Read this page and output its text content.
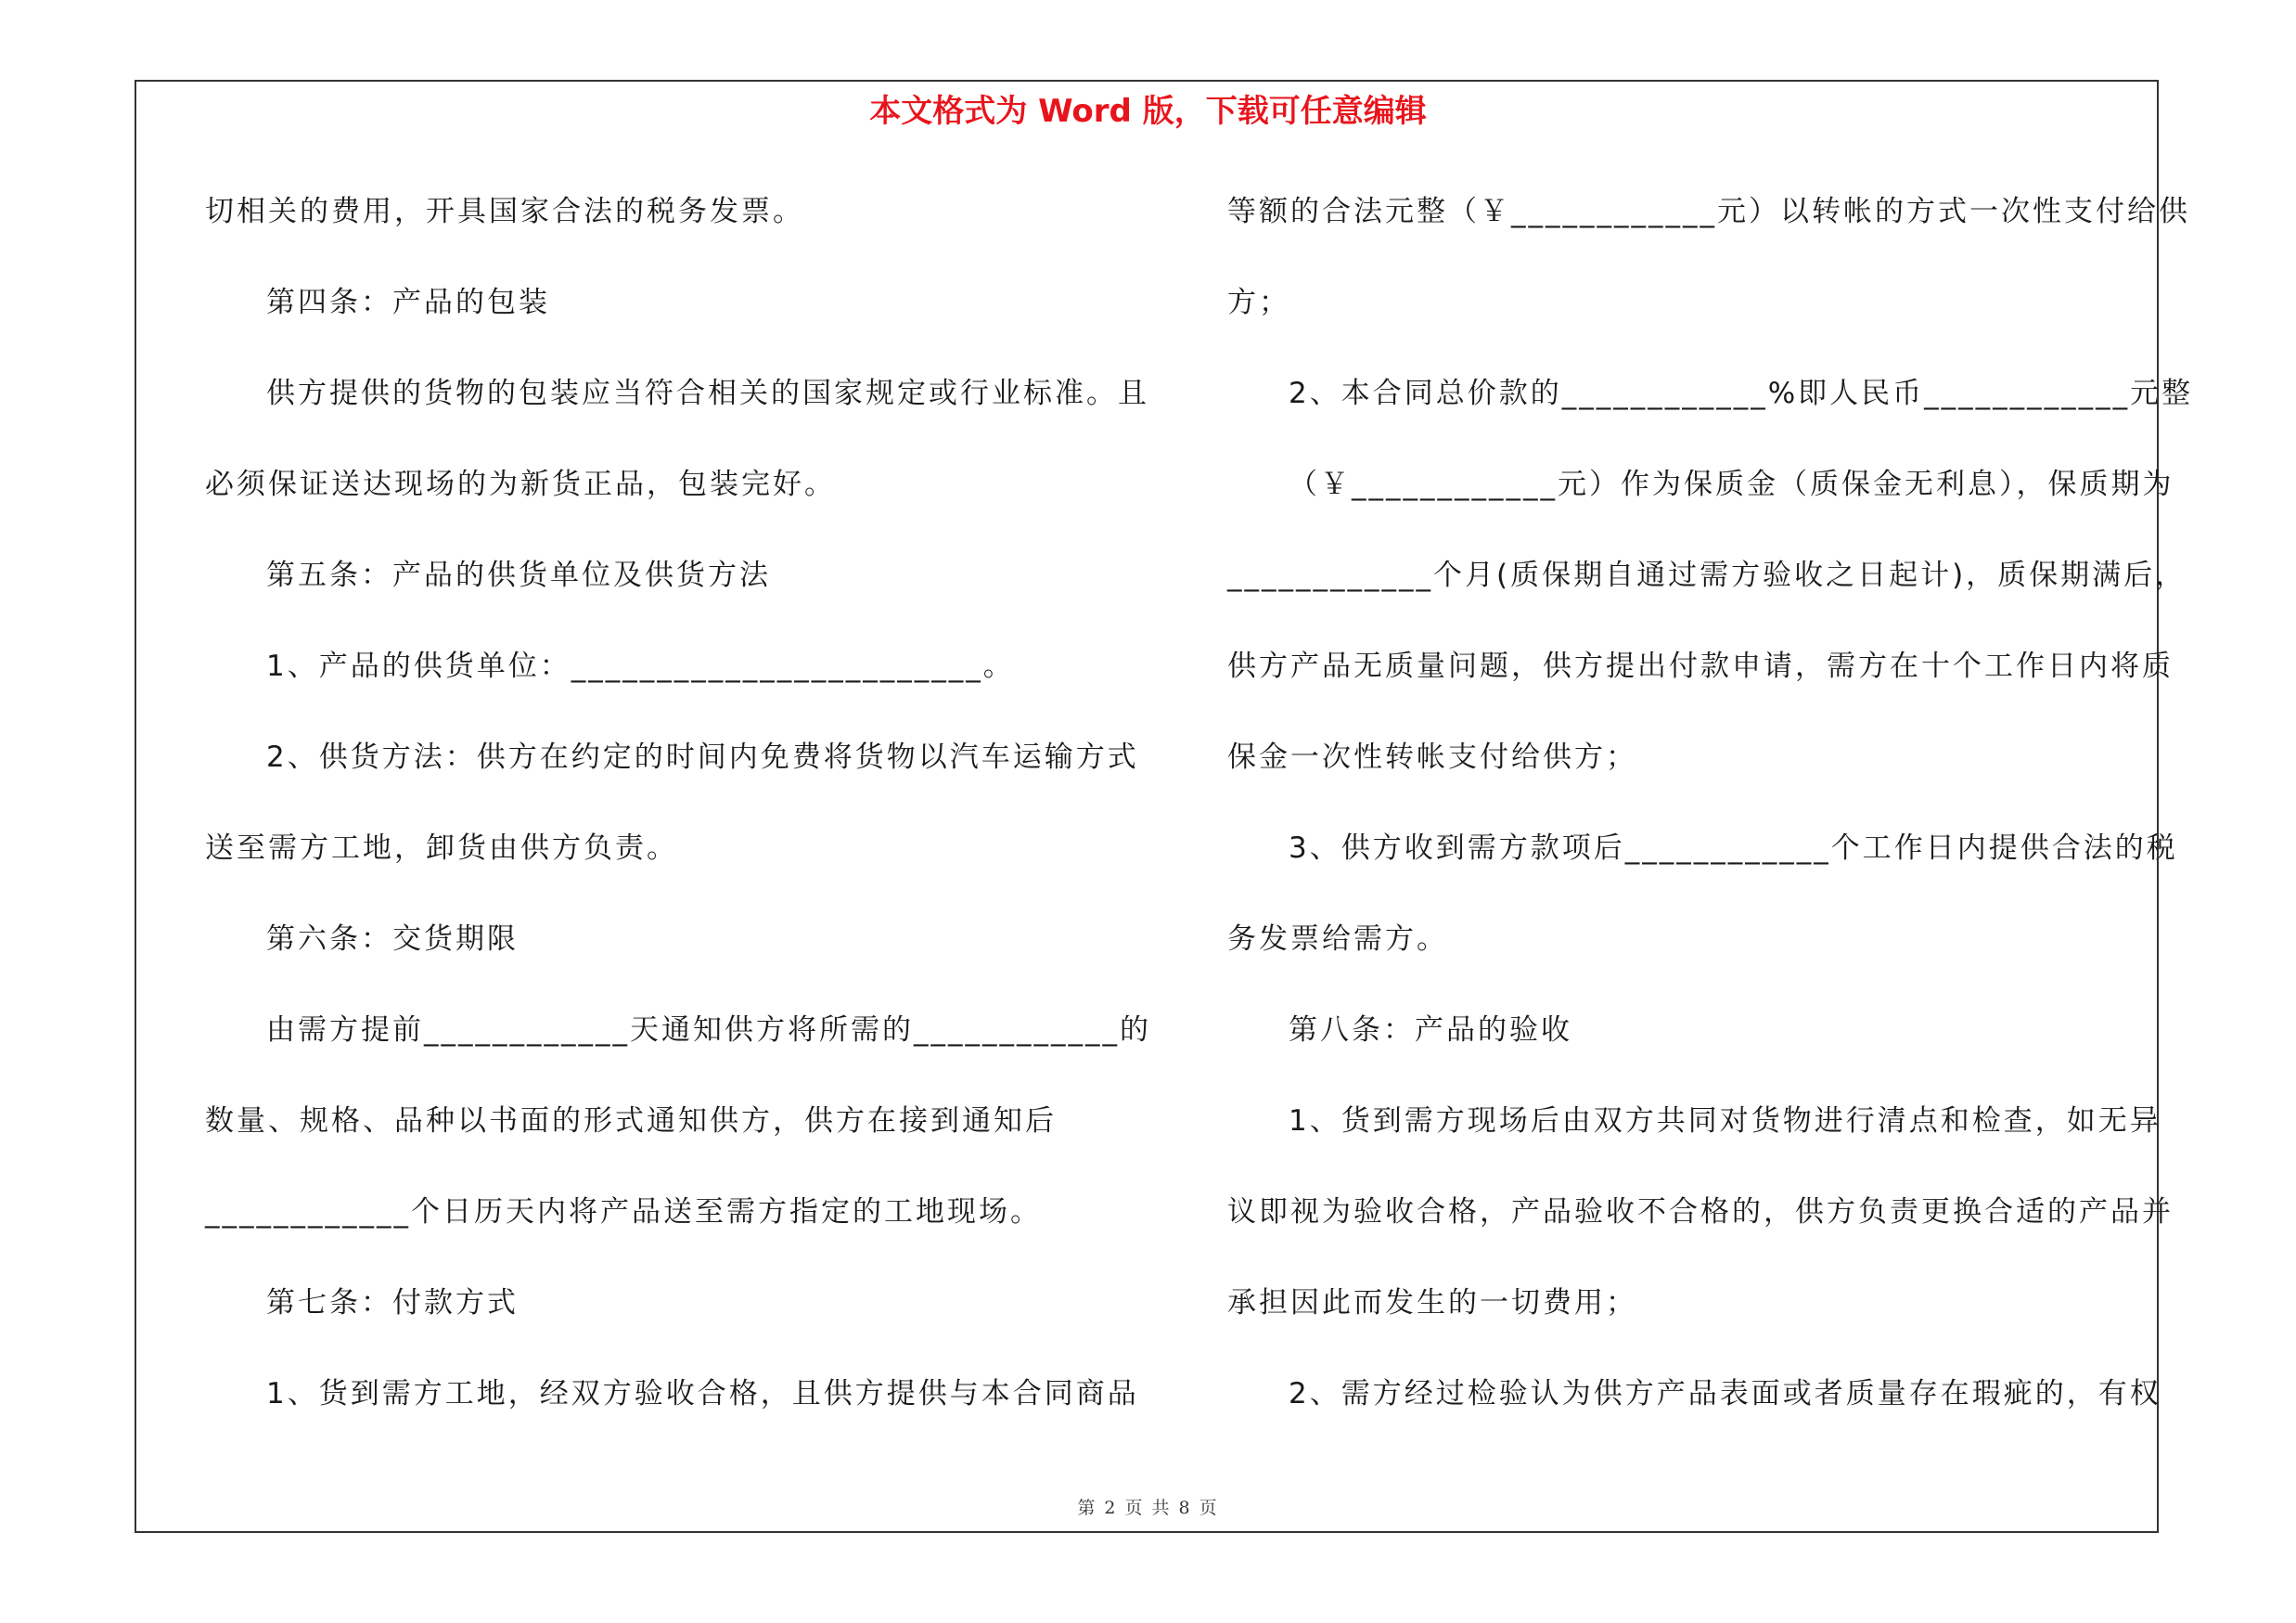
本文格式为 Word 版，下载可任意编辑
切相关的费用，开具国家合法的税务发票。
第四条：产品的包装
供方提供的货物的包装应当符合相关的国家规定或行业标准。且
必须保证送达现场的为新货正品，包装完好。
第五条：产品的供货单位及供货方法
1、产品的供货单位：________________________。
2、供货方法：供方在约定的时间内免费将货物以汽车运输方式
送至需方工地，卸货由供方负责。
第六条：交货期限
由需方提前____________天通知供方将所需的____________的
数量、规格、品种以书面的形式通知供方，供方在接到通知后
____________个日历天内将产品送至需方指定的工地现场。
第七条：付款方式
1、货到需方工地，经双方验收合格，且供方提供与本合同商品
等额的合法元整（￥____________元）以转帐的方式一次性支付给供
方；
2、本合同总价款的____________%即人民币____________元整
（￥____________元）作为保质金（质保金无利息），保质期为
____________个月(质保期自通过需方验收之日起计)，质保期满后，
供方产品无质量问题，供方提出付款申请，需方在十个工作日内将质
保金一次性转帐支付给供方；
3、供方收到需方款项后____________个工作日内提供合法的税
务发票给需方。
第八条：产品的验收
1、货到需方现场后由双方共同对货物进行清点和检查，如无异
议即视为验收合格，产品验收不合格的，供方负责更换合适的产品并
承担因此而发生的一切费用；
2、需方经过检验认为供方产品表面或者质量存在瑕疵的，有权
第 2 页 共 8 页
